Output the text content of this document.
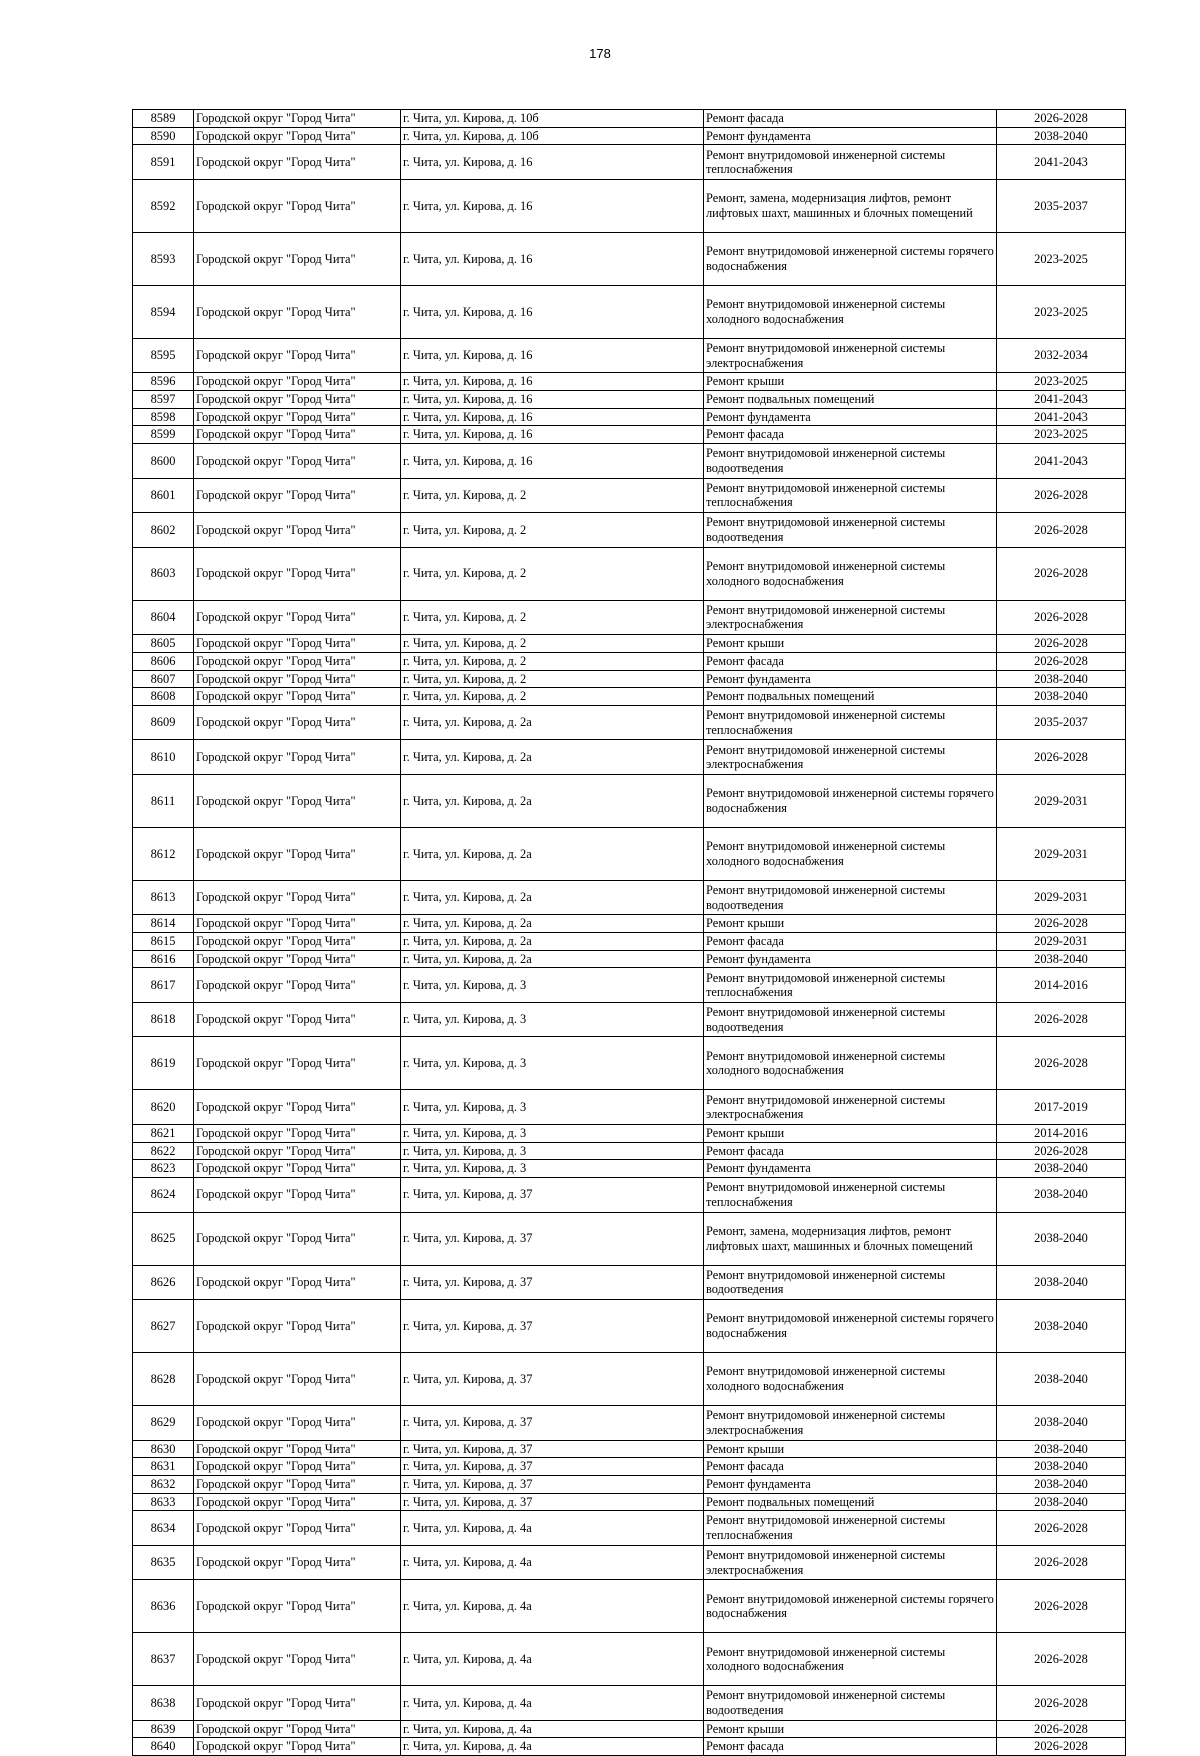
178
8589	Городской округ "Город Чита"	г. Чита, ул. Кирова, д. 10б	Ремонт фасада	2026-2028
8590	Городской округ "Город Чита"	г. Чита, ул. Кирова, д. 10б	Ремонт фундамента	2038-2040
8591	Городской округ "Город Чита"	г. Чита, ул. Кирова, д. 16	Ремонт внутридомовой инженерной системы теплоснабжения	2041-2043
8592	Городской округ "Город Чита"	г. Чита, ул. Кирова, д. 16	Ремонт, замена, модернизация лифтов, ремонт лифтовых шахт, машинных и блочных помещений	2035-2037
8593	Городской округ "Город Чита"	г. Чита, ул. Кирова, д. 16	Ремонт внутридомовой инженерной системы горячего водоснабжения	2023-2025
8594	Городской округ "Город Чита"	г. Чита, ул. Кирова, д. 16	Ремонт внутридомовой инженерной системы холодного водоснабжения	2023-2025
8595	Городской округ "Город Чита"	г. Чита, ул. Кирова, д. 16	Ремонт внутридомовой инженерной системы электроснабжения	2032-2034
8596	Городской округ "Город Чита"	г. Чита, ул. Кирова, д. 16	Ремонт крыши	2023-2025
8597	Городской округ "Город Чита"	г. Чита, ул. Кирова, д. 16	Ремонт подвальных помещений	2041-2043
8598	Городской округ "Город Чита"	г. Чита, ул. Кирова, д. 16	Ремонт фундамента	2041-2043
8599	Городской округ "Город Чита"	г. Чита, ул. Кирова, д. 16	Ремонт фасада	2023-2025
8600	Городской округ "Город Чита"	г. Чита, ул. Кирова, д. 16	Ремонт внутридомовой инженерной системы водоотведения	2041-2043
8601	Городской округ "Город Чита"	г. Чита, ул. Кирова, д. 2	Ремонт внутридомовой инженерной системы теплоснабжения	2026-2028
8602	Городской округ "Город Чита"	г. Чита, ул. Кирова, д. 2	Ремонт внутридомовой инженерной системы водоотведения	2026-2028
8603	Городской округ "Город Чита"	г. Чита, ул. Кирова, д. 2	Ремонт внутридомовой инженерной системы холодного водоснабжения	2026-2028
8604	Городской округ "Город Чита"	г. Чита, ул. Кирова, д. 2	Ремонт внутридомовой инженерной системы электроснабжения	2026-2028
8605	Городской округ "Город Чита"	г. Чита, ул. Кирова, д. 2	Ремонт крыши	2026-2028
8606	Городской округ "Город Чита"	г. Чита, ул. Кирова, д. 2	Ремонт фасада	2026-2028
8607	Городской округ "Город Чита"	г. Чита, ул. Кирова, д. 2	Ремонт фундамента	2038-2040
8608	Городской округ "Город Чита"	г. Чита, ул. Кирова, д. 2	Ремонт подвальных помещений	2038-2040
8609	Городской округ "Город Чита"	г. Чита, ул. Кирова, д. 2а	Ремонт внутридомовой инженерной системы теплоснабжения	2035-2037
8610	Городской округ "Город Чита"	г. Чита, ул. Кирова, д. 2а	Ремонт внутридомовой инженерной системы электроснабжения	2026-2028
8611	Городской округ "Город Чита"	г. Чита, ул. Кирова, д. 2а	Ремонт внутридомовой инженерной системы горячего водоснабжения	2029-2031
8612	Городской округ "Город Чита"	г. Чита, ул. Кирова, д. 2а	Ремонт внутридомовой инженерной системы холодного водоснабжения	2029-2031
8613	Городской округ "Город Чита"	г. Чита, ул. Кирова, д. 2а	Ремонт внутридомовой инженерной системы водоотведения	2029-2031
8614	Городской округ "Город Чита"	г. Чита, ул. Кирова, д. 2а	Ремонт крыши	2026-2028
8615	Городской округ "Город Чита"	г. Чита, ул. Кирова, д. 2а	Ремонт фасада	2029-2031
8616	Городской округ "Город Чита"	г. Чита, ул. Кирова, д. 2а	Ремонт фундамента	2038-2040
8617	Городской округ "Город Чита"	г. Чита, ул. Кирова, д. 3	Ремонт внутридомовой инженерной системы теплоснабжения	2014-2016
8618	Городской округ "Город Чита"	г. Чита, ул. Кирова, д. 3	Ремонт внутридомовой инженерной системы водоотведения	2026-2028
8619	Городской округ "Город Чита"	г. Чита, ул. Кирова, д. 3	Ремонт внутридомовой инженерной системы холодного водоснабжения	2026-2028
8620	Городской округ "Город Чита"	г. Чита, ул. Кирова, д. 3	Ремонт внутридомовой инженерной системы электроснабжения	2017-2019
8621	Городской округ "Город Чита"	г. Чита, ул. Кирова, д. 3	Ремонт крыши	2014-2016
8622	Городской округ "Город Чита"	г. Чита, ул. Кирова, д. 3	Ремонт фасада	2026-2028
8623	Городской округ "Город Чита"	г. Чита, ул. Кирова, д. 3	Ремонт фундамента	2038-2040
8624	Городской округ "Город Чита"	г. Чита, ул. Кирова, д. 37	Ремонт внутридомовой инженерной системы теплоснабжения	2038-2040
8625	Городской округ "Город Чита"	г. Чита, ул. Кирова, д. 37	Ремонт, замена, модернизация лифтов, ремонт лифтовых шахт, машинных и блочных помещений	2038-2040
8626	Городской округ "Город Чита"	г. Чита, ул. Кирова, д. 37	Ремонт внутридомовой инженерной системы водоотведения	2038-2040
8627	Городской округ "Город Чита"	г. Чита, ул. Кирова, д. 37	Ремонт внутридомовой инженерной системы горячего водоснабжения	2038-2040
8628	Городской округ "Город Чита"	г. Чита, ул. Кирова, д. 37	Ремонт внутридомовой инженерной системы холодного водоснабжения	2038-2040
8629	Городской округ "Город Чита"	г. Чита, ул. Кирова, д. 37	Ремонт внутридомовой инженерной системы электроснабжения	2038-2040
8630	Городской округ "Город Чита"	г. Чита, ул. Кирова, д. 37	Ремонт крыши	2038-2040
8631	Городской округ "Город Чита"	г. Чита, ул. Кирова, д. 37	Ремонт фасада	2038-2040
8632	Городской округ "Город Чита"	г. Чита, ул. Кирова, д. 37	Ремонт фундамента	2038-2040
8633	Городской округ "Город Чита"	г. Чита, ул. Кирова, д. 37	Ремонт подвальных помещений	2038-2040
8634	Городской округ "Город Чита"	г. Чита, ул. Кирова, д. 4а	Ремонт внутридомовой инженерной системы теплоснабжения	2026-2028
8635	Городской округ "Город Чита"	г. Чита, ул. Кирова, д. 4а	Ремонт внутридомовой инженерной системы электроснабжения	2026-2028
8636	Городской округ "Город Чита"	г. Чита, ул. Кирова, д. 4а	Ремонт внутридомовой инженерной системы горячего водоснабжения	2026-2028
8637	Городской округ "Город Чита"	г. Чита, ул. Кирова, д. 4а	Ремонт внутридомовой инженерной системы холодного водоснабжения	2026-2028
8638	Городской округ "Город Чита"	г. Чита, ул. Кирова, д. 4а	Ремонт внутридомовой инженерной системы водоотведения	2026-2028
8639	Городской округ "Город Чита"	г. Чита, ул. Кирова, д. 4а	Ремонт крыши	2026-2028
8640	Городской округ "Город Чита"	г. Чита, ул. Кирова, д. 4а	Ремонт фасада	2026-2028
